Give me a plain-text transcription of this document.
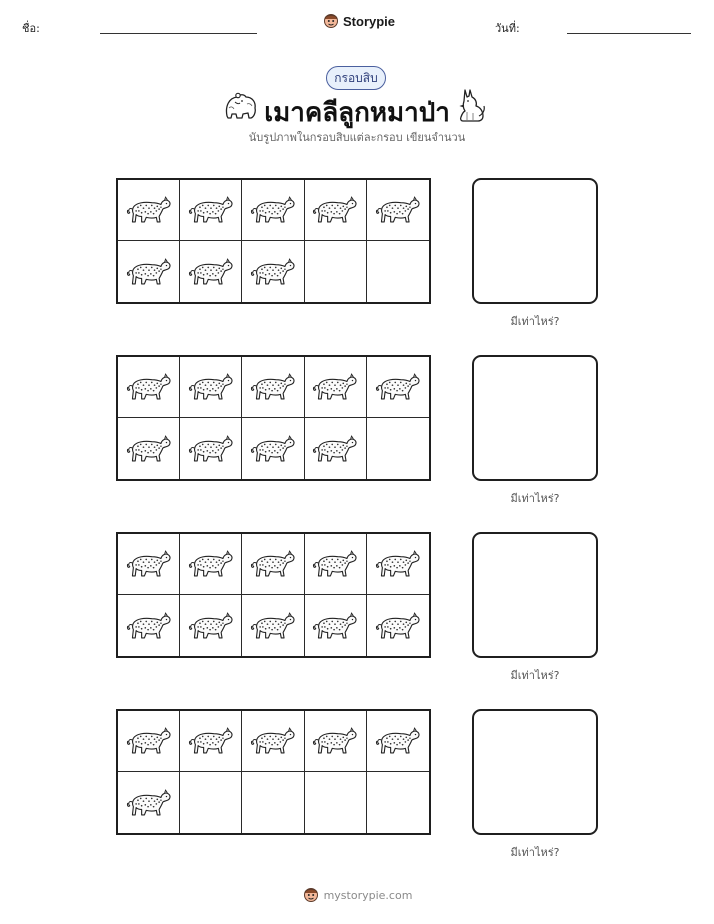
ชื่อ:	Storypie	วันที่:
กรอบสิบ
เมาคลีลูกหมาป่า
นับรูปภาพในกรอบสิบแต่ละกรอบ เขียนจำนวน
มีเท่าไหร่?
มีเท่าไหร่?
มีเท่าไหร่?
มีเท่าไหร่?
mystorypie.com
